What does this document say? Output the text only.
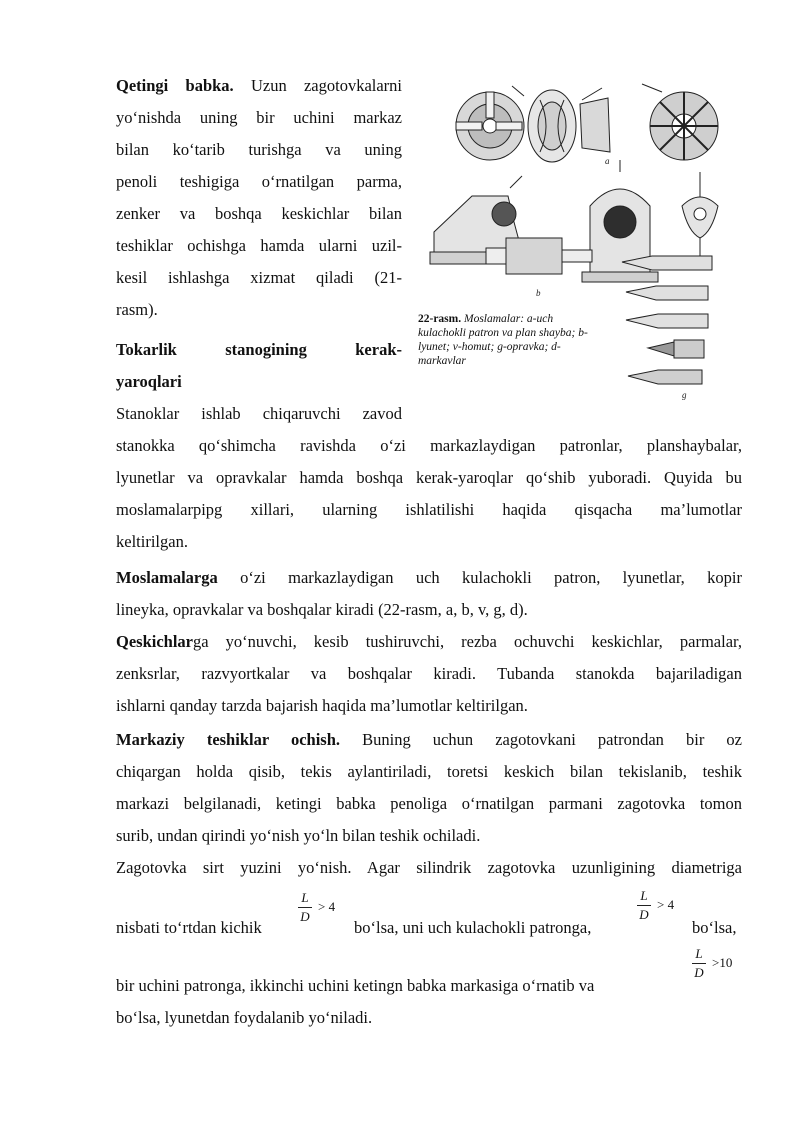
Qetingi babka. Uzun zagotovkalarni

yo‘nishda uning bir uchini markaz

bilan ko‘tarib turishga va uning

penoli teshigiga o‘rnatilgan parma,

zenker va boshqa keskichlar bilan

teshiklar ochishga hamda ularni uzil-

kesil ishlashga xizmat qiladi (21-

rasm).

Tokarlik stanogining kerak-

yaroqlari

Stanoklar ishlab chiqaruvchi zavod

stanokka qo‘shimcha ravishda o‘zi markazlaydigan patronlar, planshaybalar,

lyunetlar va opravkalar hamda boshqa kerak-yaroqlar qo‘shib yuboradi. Quyida bu

moslamalarpipg xillari, ularning ishlatilishi haqida qisqacha ma’lumotlar

keltirilgan.

Moslamalarga o‘zi markazlaydigan uch kulachokli patron, lyunetlar, kopir

lineyka, opravkalar va boshqalar kiradi (22-rasm, a, b, v, g, d).

Qeskichlarga yo‘nuvchi, kesib tushiruvchi, rezba ochuvchi keskichlar, parmalar,

zenksrlar, razvyortkalar va boshqalar kiradi. Tubanda stanokda bajariladigan

ishlarni qanday tarzda bajarish haqida ma’lumotlar keltirilgan.

Markaziy teshiklar ochish. Buning uchun zagotovkani patrondan bir oz

chiqargan holda qisib, tekis aylantiriladi, toretsi keskich bilan tekislanib, teshik

markazi belgilanadi, ketingi babka penoliga o‘rnatilgan parmani zagotovka tomon

surib, undan qirindi yo‘nish yo‘ln bilan teshik ochiladi.

Zagotovka sirt yuzini yo‘nish. Agar silindrik zagotovka uzunligining diametriga

nisbati to‘rtdan kichik

L
D
> 4

bo‘lsa, uni uch kulachokli patronga,

L
D
> 4

bo‘lsa,

bir uchini patronga, ikkinchi uchini ketingn babka markasiga o‘rnatib va

L
D
>10

bo‘lsa, lyunetdan foydalanib yo‘niladi.

a
b
g
22-rasm. Moslamalar: a-uch kulachokli patron va plan shayba; b-lyunet; v-homut; g-opravka; d-markavlar
